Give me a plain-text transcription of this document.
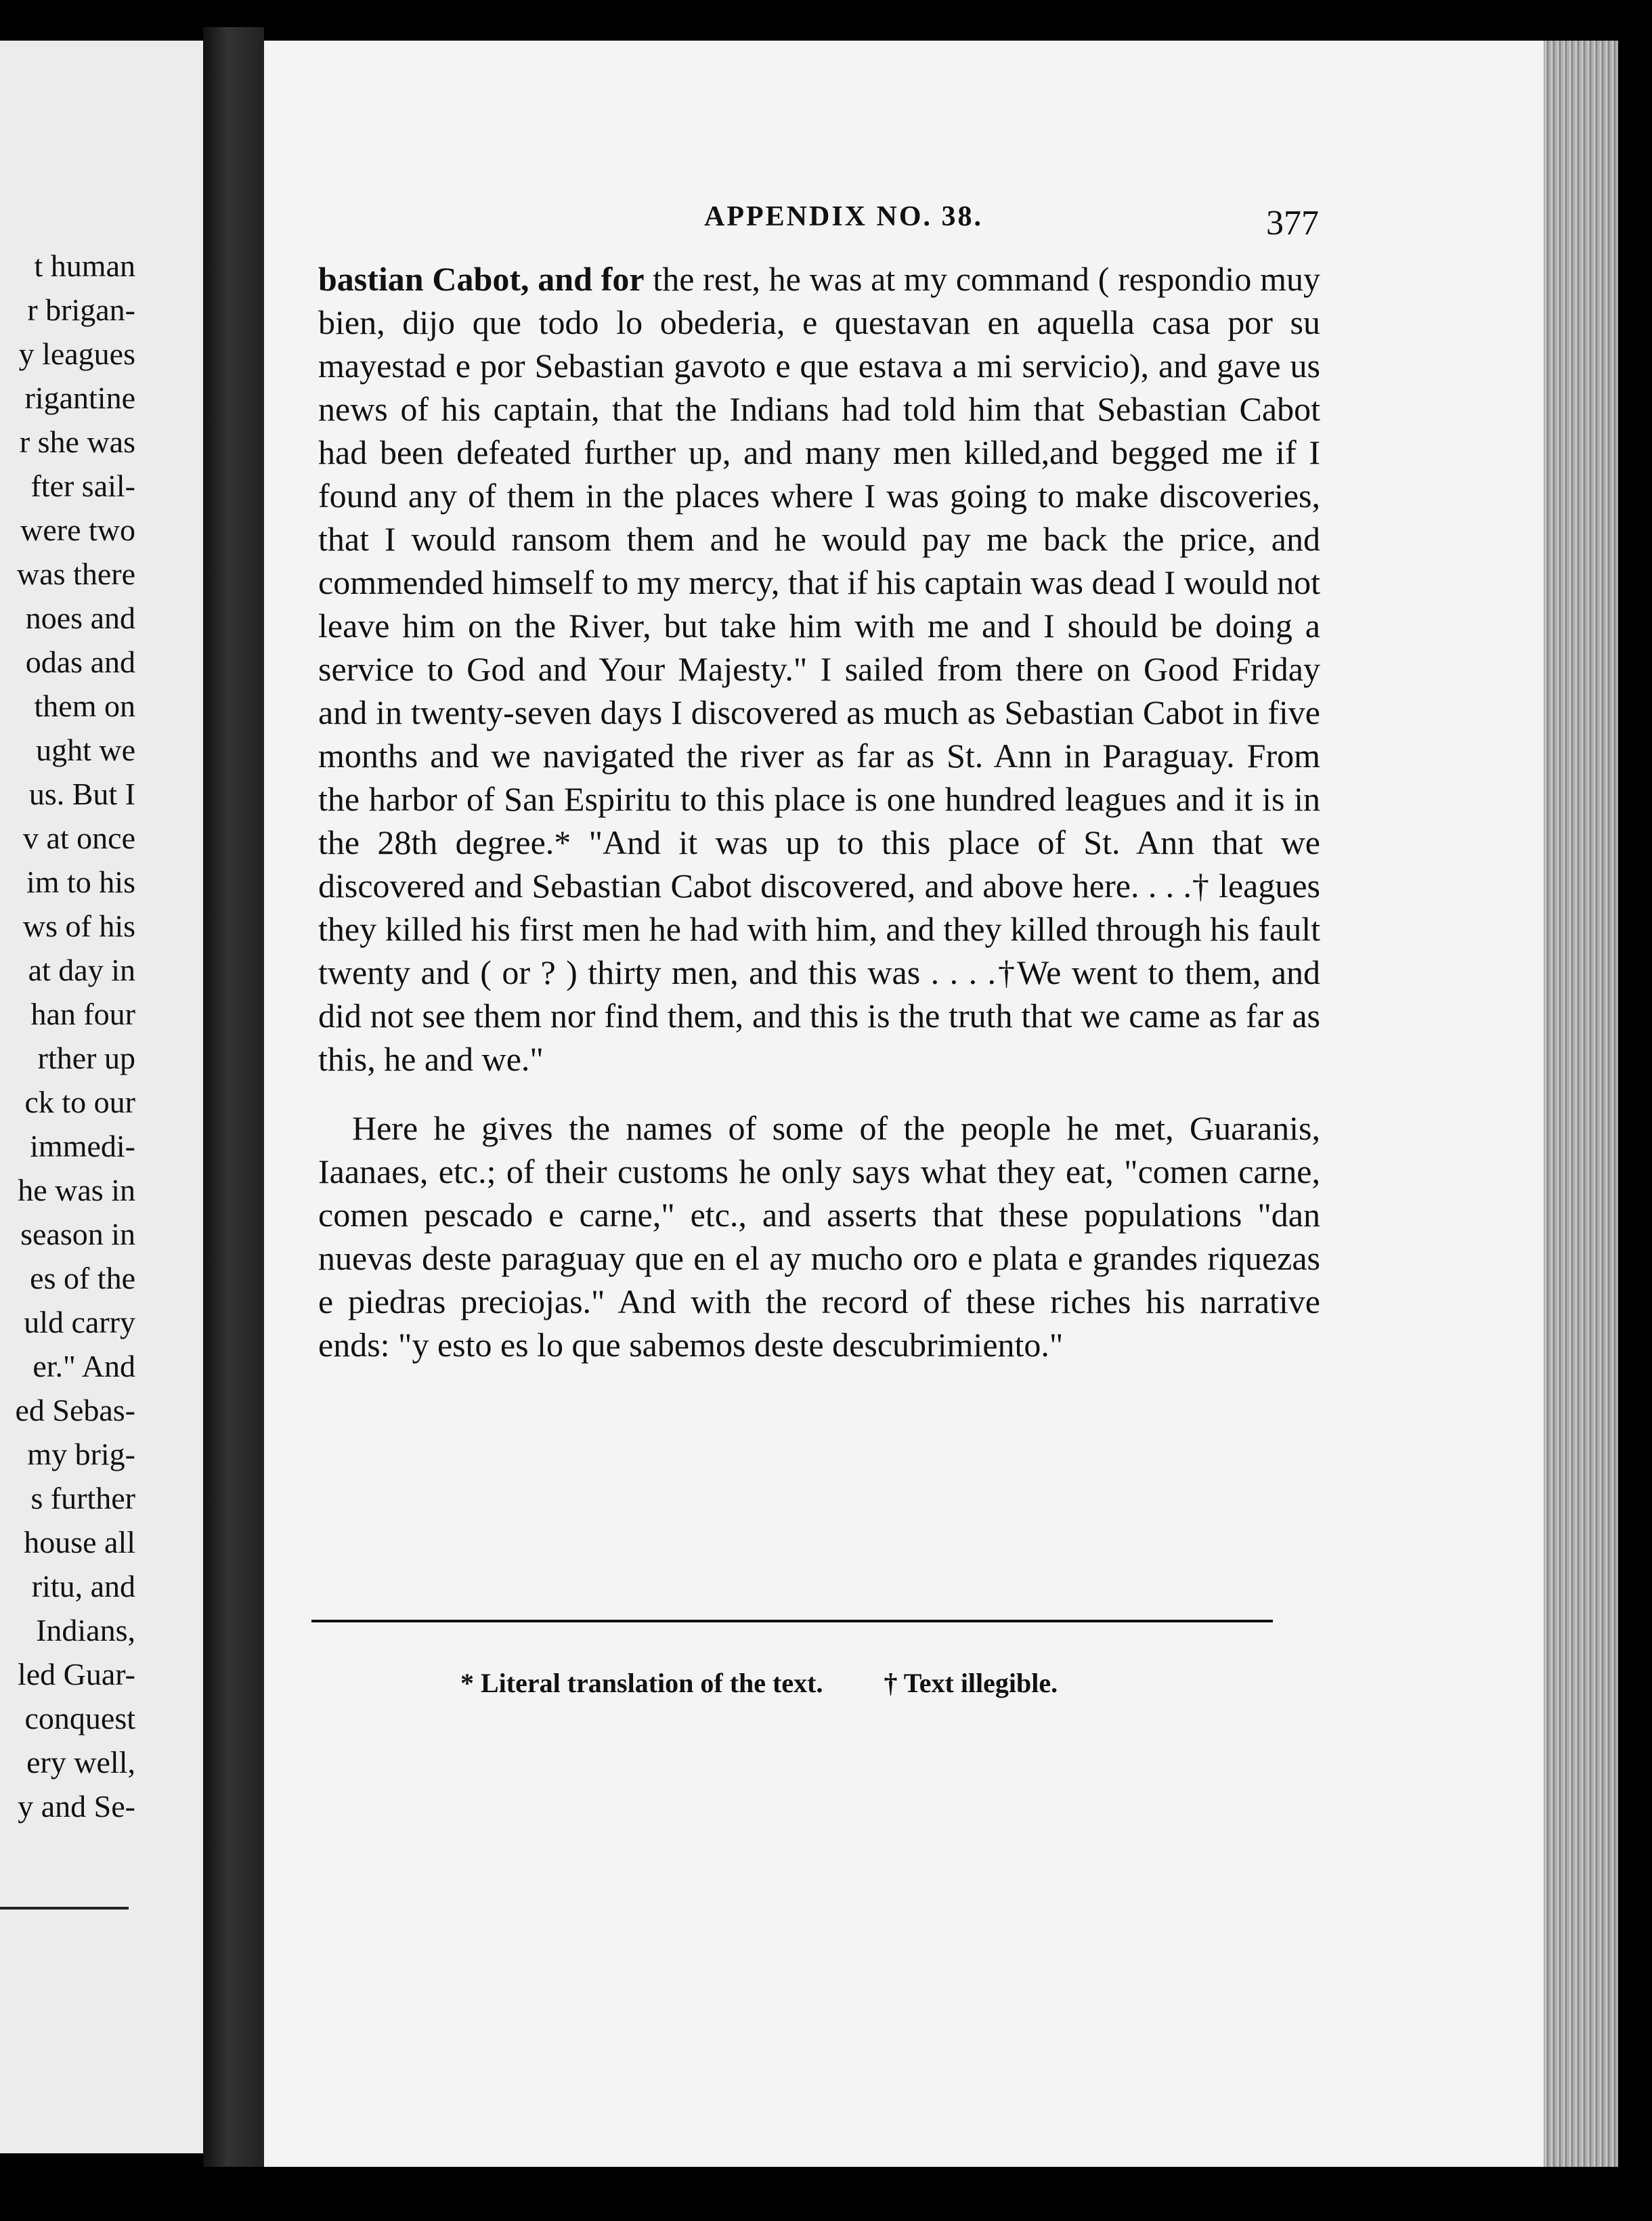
t human
r brigan-
y leagues
rigantine
r she was
fter sail-
were two
was there
noes and
odas and
them on
ught we
us. But I
v at once
im to his
ws of his
at day in
han four
rther up
ck to our
immedi-
he was in
season in
es of the
uld carry
er." And
ed Sebas-
my brig-
s further
house all
ritu, and
Indians,
led Guar-
conquest
ery well,
y and Se-
APPENDIX NO. 38.	377

bastian Cabot, and for the rest, he was at my command ( respondio muy bien, dijo que todo lo obederia, e questavan en aquella casa por su mayestad e por Sebastian gavoto e que estava a mi servicio), and gave us news of his captain, that the Indians had told him that Sebastian Cabot had been defeated further up, and many men killed,and begged me if I found any of them in the places where I was going to make discoveries, that I would ransom them and he would pay me back the price, and commended himself to my mercy, that if his captain was dead I would not leave him on the River, but take him with me and I should be doing a service to God and Your Majesty." I sailed from there on Good Friday and in twenty-seven days I discovered as much as Sebastian Cabot in five months and we navigated the river as far as St. Ann in Paraguay. From the harbor of San Espiritu to this place is one hundred leagues and it is in the 28th degree.* "And it was up to this place of St. Ann that we discovered and Sebastian Cabot discovered, and above here. . . .† leagues they killed his first men he had with him, and they killed through his fault twenty and ( or ? ) thirty men, and this was . . . .†We went to them, and did not see them nor find them, and this is the truth that we came as far as this, he and we."

Here he gives the names of some of the people he met, Guaranis, Iaanaes, etc.; of their customs he only says what they eat, "comen carne, comen pescado e carne," etc., and asserts that these populations "dan nuevas deste paraguay que en el ay mucho oro e plata e grandes riquezas e piedras preciojas." And with the record of these riches his narrative ends: "y esto es lo que sabemos deste descubrimiento."

* Literal translation of the text. † Text illegible.
